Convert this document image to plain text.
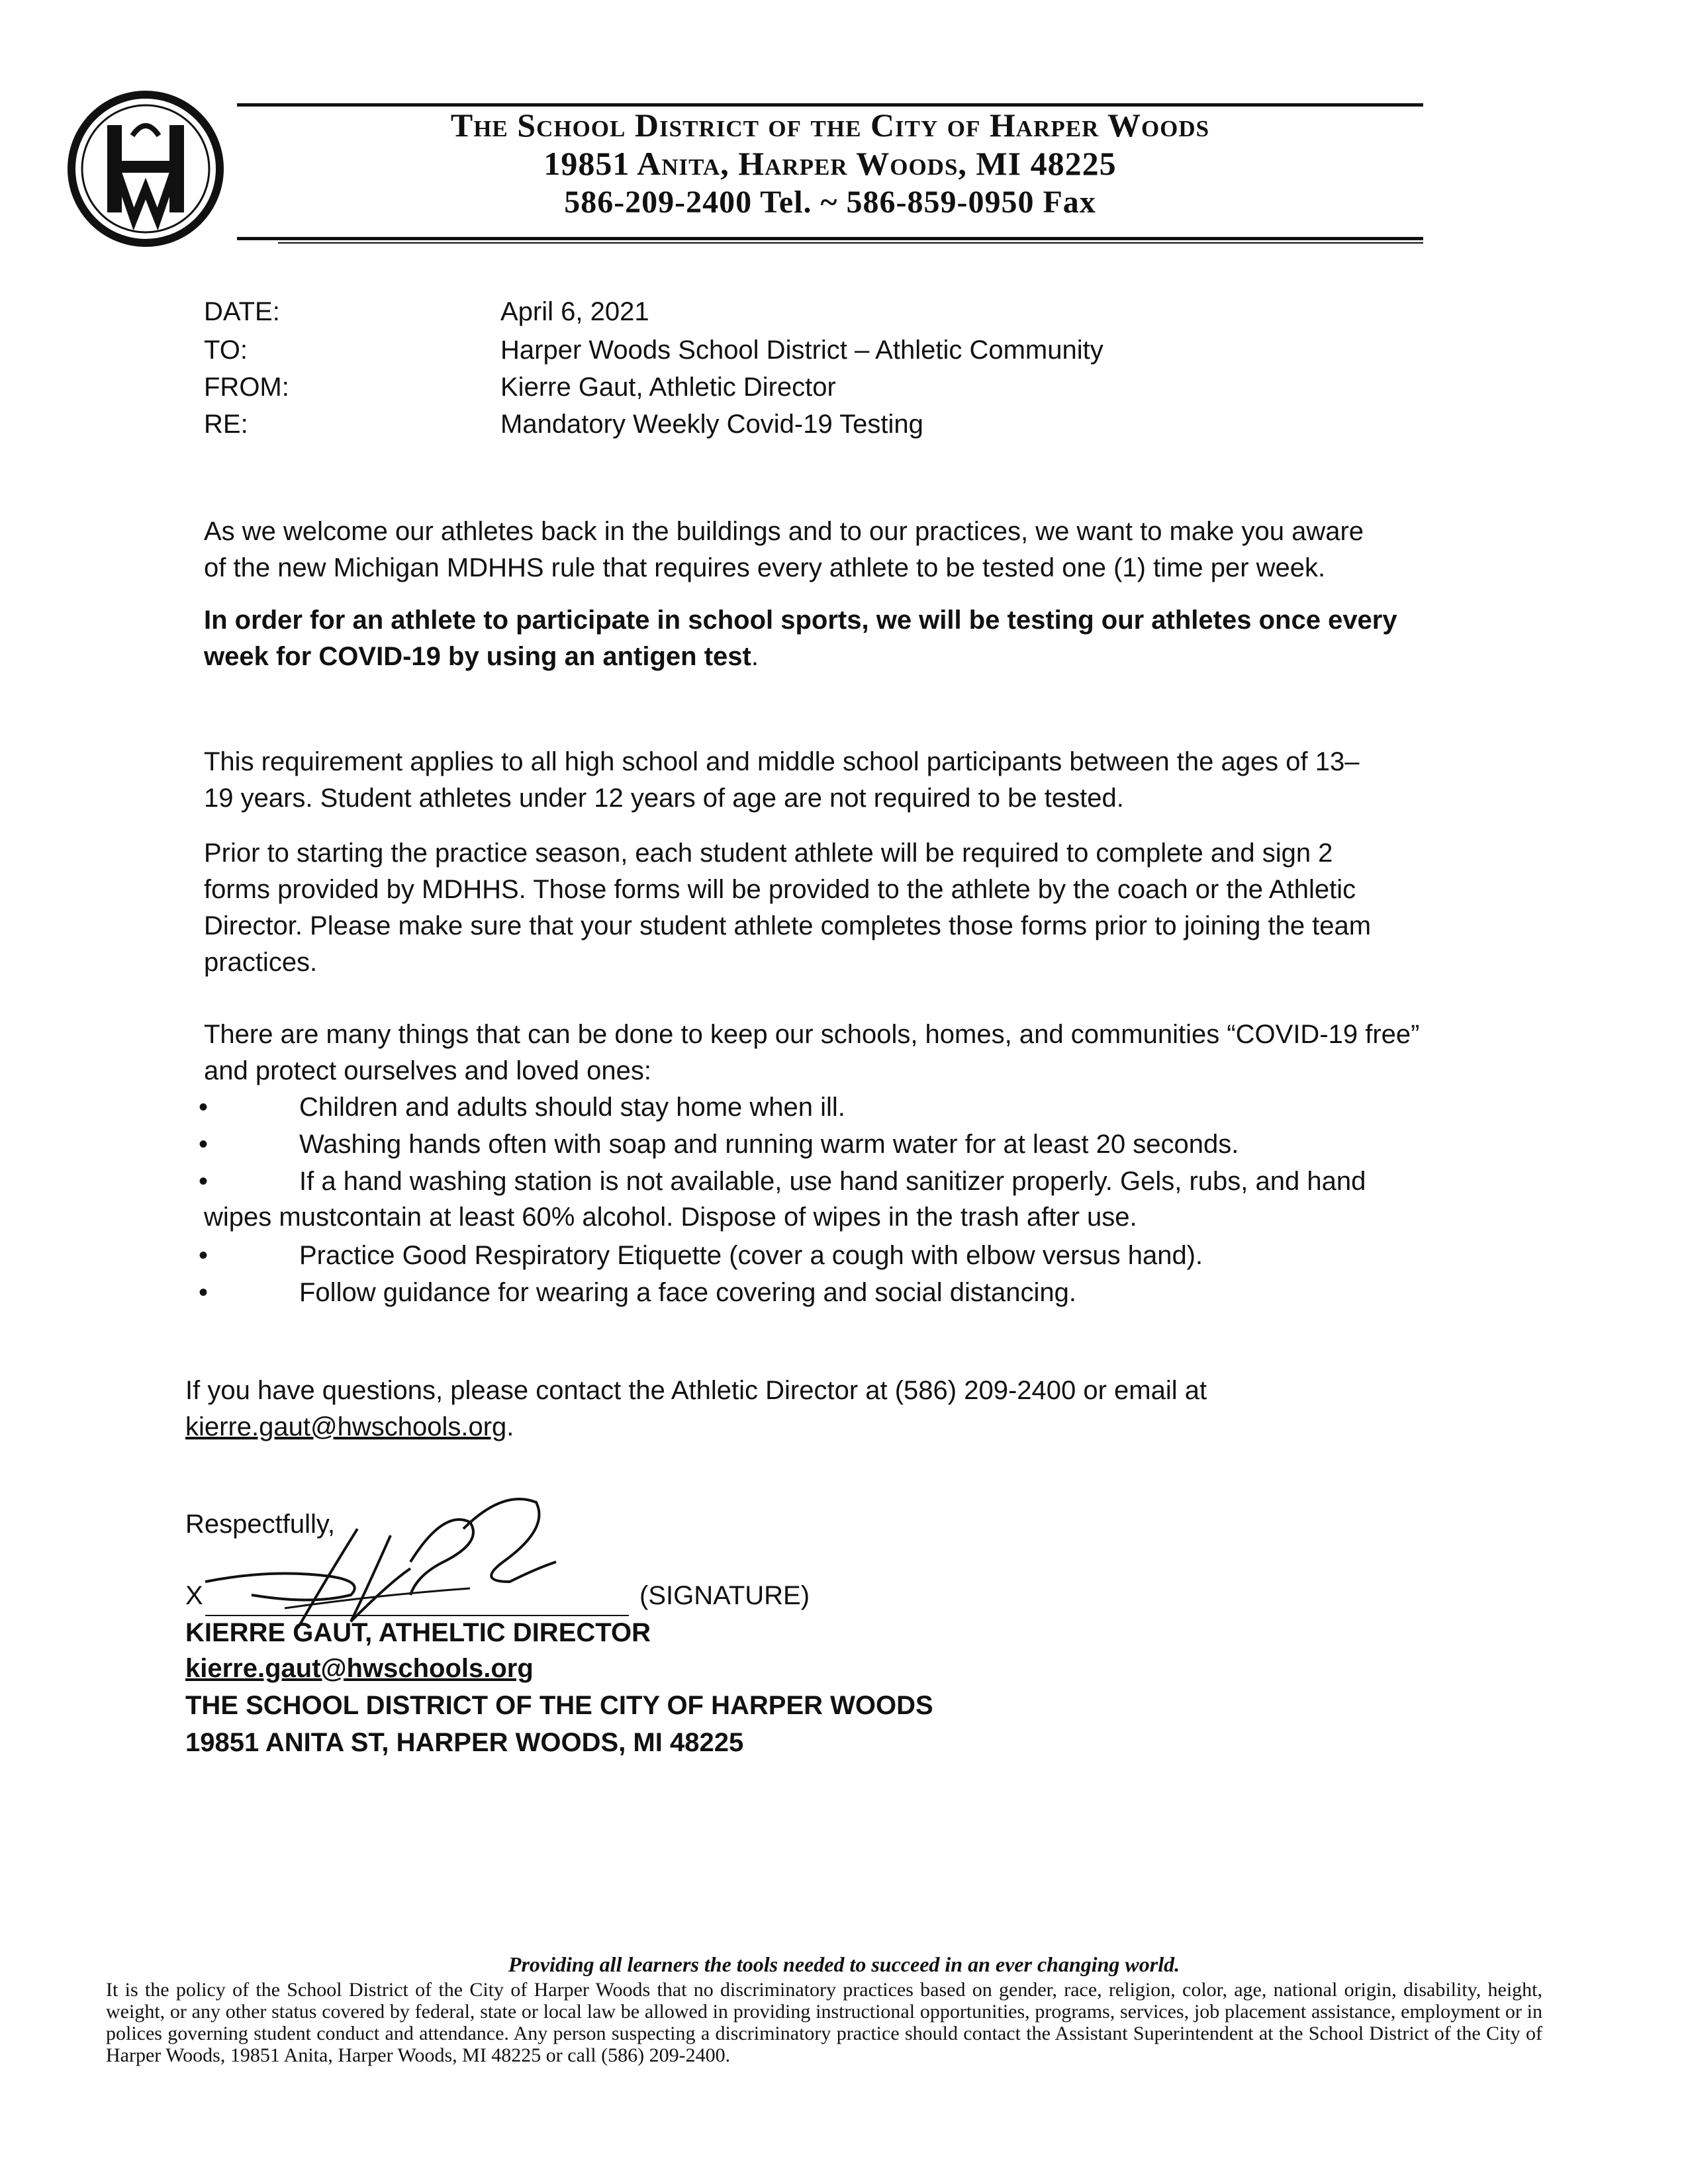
The School District of the City of Harper Woods
19851 Anita, Harper Woods, MI 48225
586-209-2400 Tel. ~ 586-859-0950 Fax
DATE:	April 6, 2021
TO:	Harper Woods School District – Athletic Community
FROM:	Kierre Gaut, Athletic Director
RE:	Mandatory Weekly Covid-19 Testing
As we welcome our athletes back in the buildings and to our practices, we want to make you aware
of the new Michigan MDHHS rule that requires every athlete to be tested one (1) time per week.
In order for an athlete to participate in school sports, we will be testing our athletes once every
week for COVID-19 by using an antigen test.
This requirement applies to all high school and middle school participants between the ages of 13–
19 years. Student athletes under 12 years of age are not required to be tested.
Prior to starting the practice season, each student athlete will be required to complete and sign 2
forms provided by MDHHS. Those forms will be provided to the athlete by the coach or the Athletic
Director. Please make sure that your student athlete completes those forms prior to joining the team
practices.
There are many things that can be done to keep our schools, homes, and communities “COVID-19 free”
and protect ourselves and loved ones:
•	Children and adults should stay home when ill.
•	Washing hands often with soap and running warm water for at least 20 seconds.
•	If a hand washing station is not available, use hand sanitizer properly. Gels, rubs, and hand
wipes mustcontain at least 60% alcohol. Dispose of wipes in the trash after use.
•	Practice Good Respiratory Etiquette (cover a cough with elbow versus hand).
•	Follow guidance for wearing a face covering and social distancing.
If you have questions, please contact the Athletic Director at (586) 209-2400 or email at
kierre.gaut@hwschools.org.
Respectfully,
X	(SIGNATURE)
KIERRE GAUT, ATHELTIC DIRECTOR
kierre.gaut@hwschools.org
THE SCHOOL DISTRICT OF THE CITY OF HARPER WOODS
19851 ANITA ST, HARPER WOODS, MI 48225
Providing all learners the tools needed to succeed in an ever changing world.
It is the policy of the School District of the City of Harper Woods that no discriminatory practices based on gender, race, religion, color, age, national origin, disability, height, weight, or any other status covered by federal, state or local law be allowed in providing instructional opportunities, programs, services, job placement assistance, employment or in polices governing student conduct and attendance. Any person suspecting a discriminatory practice should contact the Assistant Superintendent at the School District of the City of Harper Woods, 19851 Anita, Harper Woods, MI 48225 or call (586) 209-2400.
